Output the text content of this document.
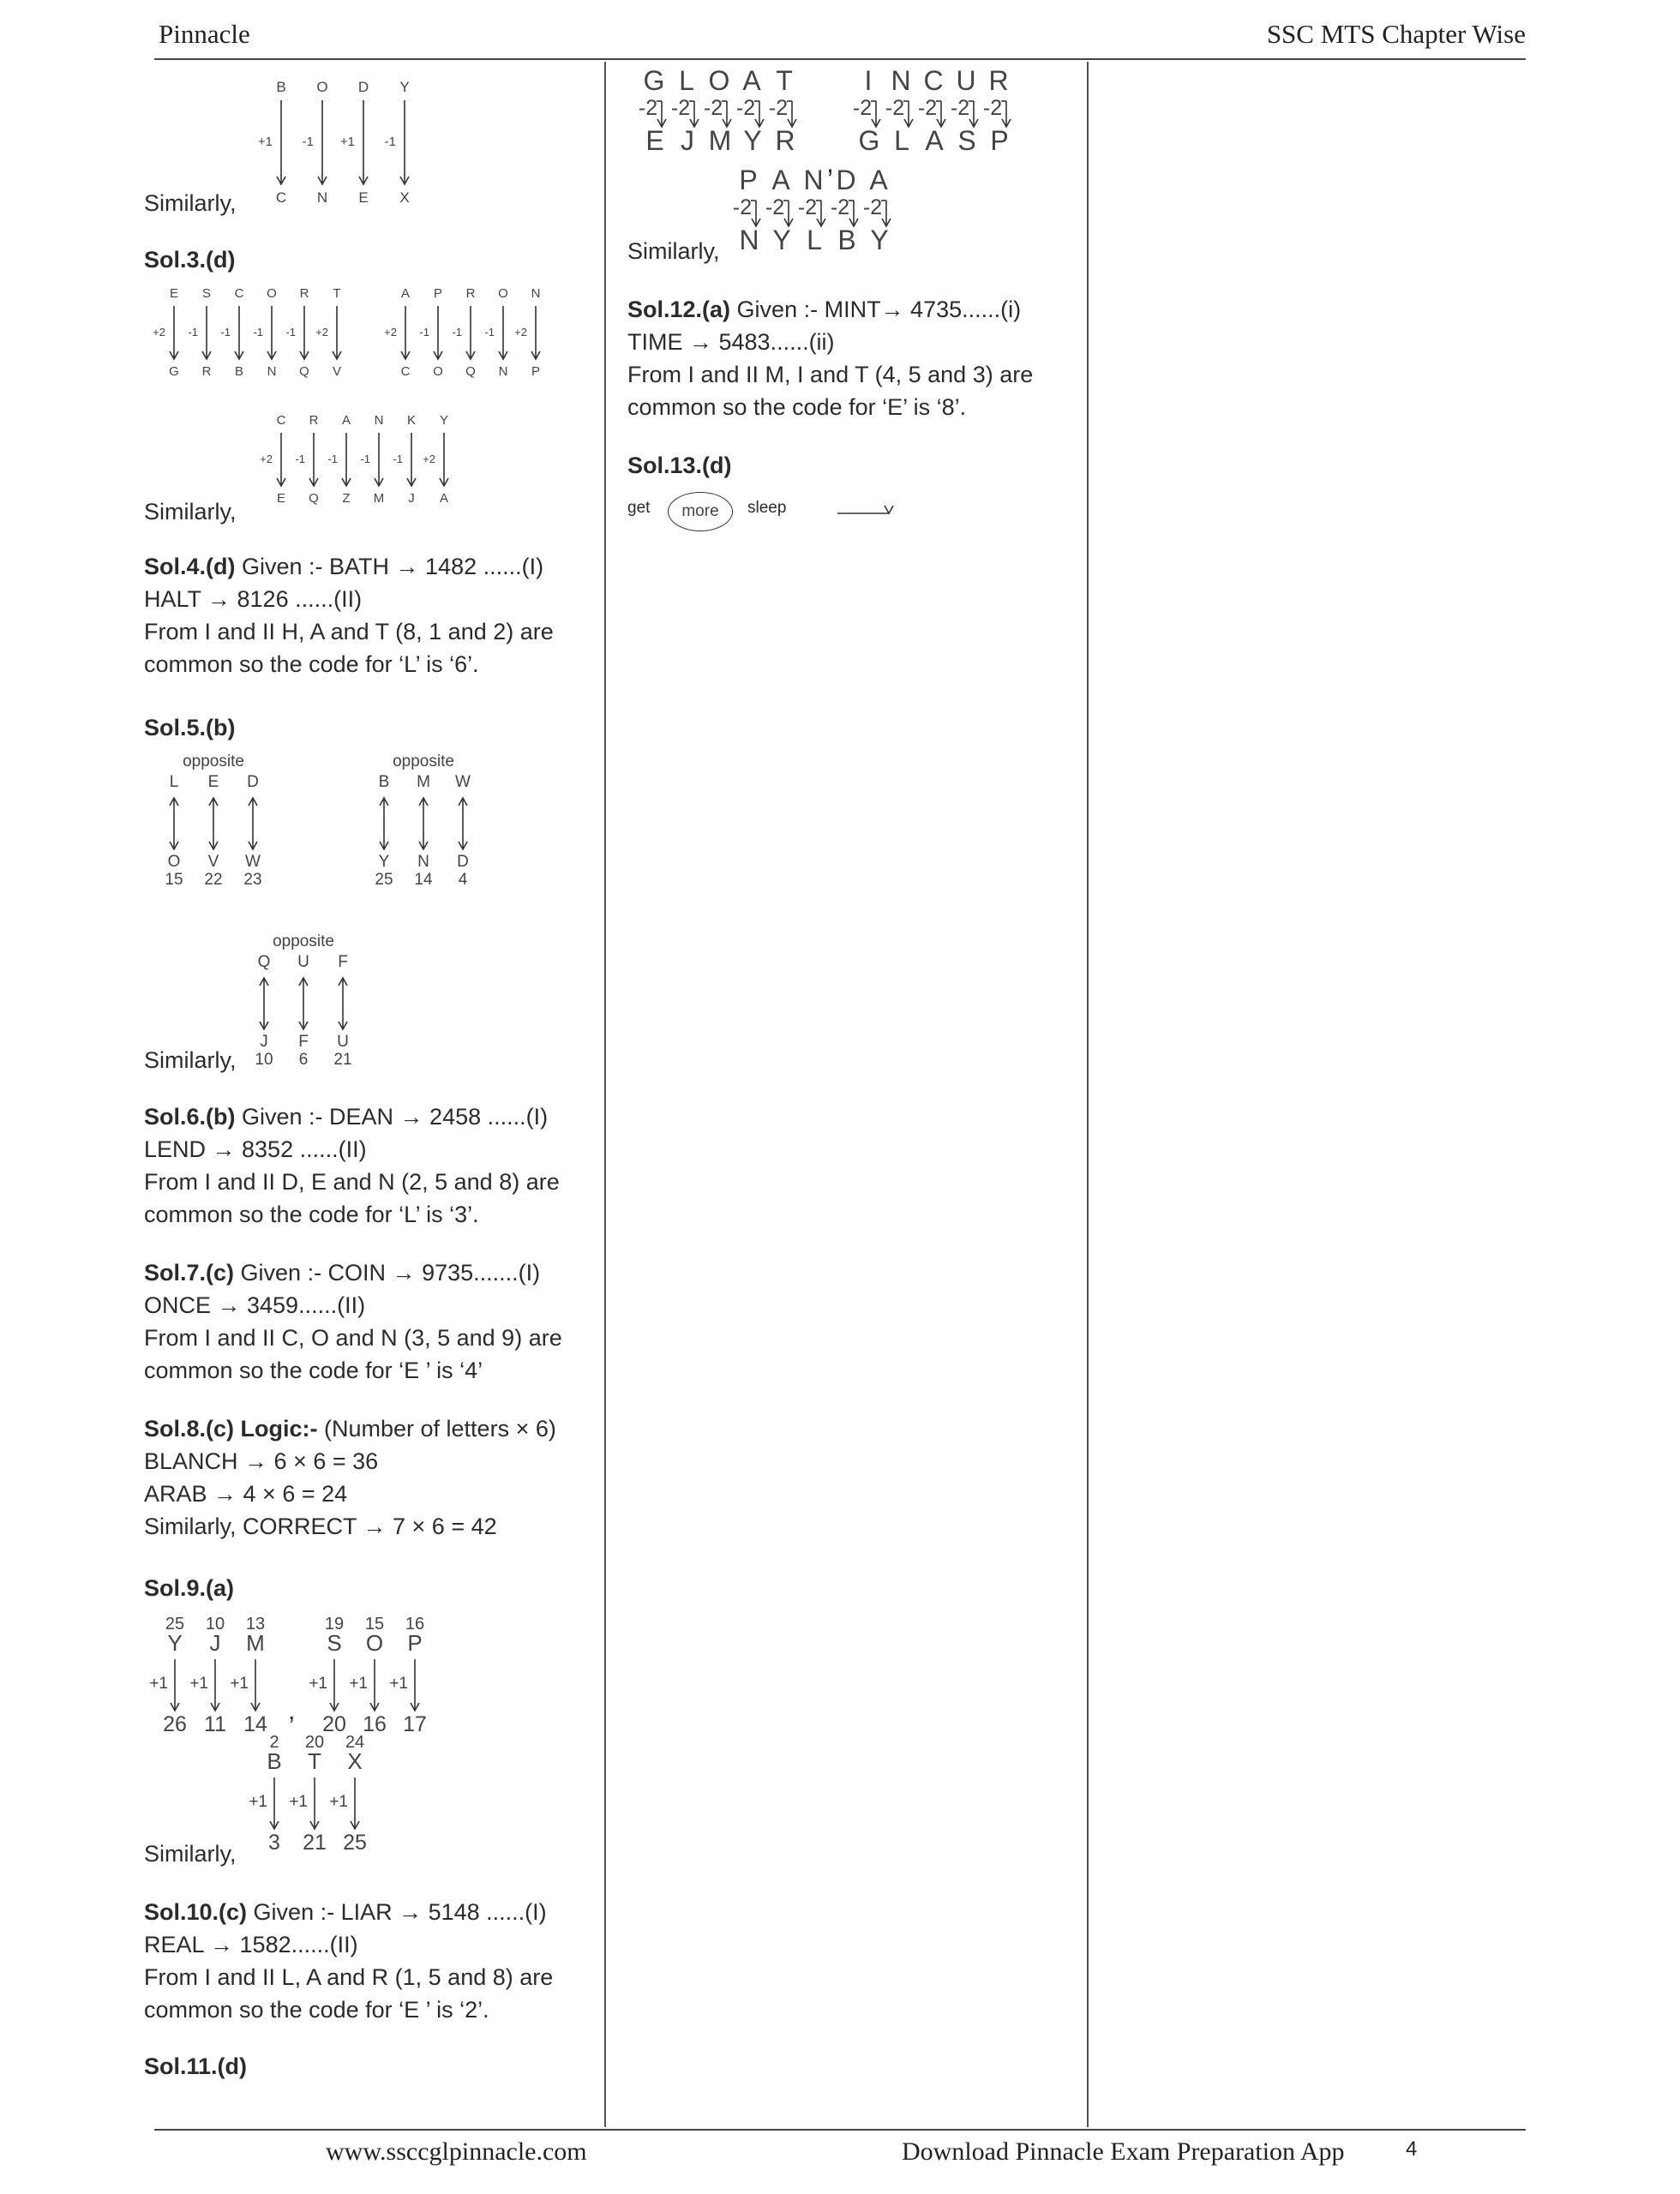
Pinnacle	SSC MTS Chapter Wise
B
+1
C
O
-1
N
D
+1
E
Y
-1
X
Similarly,
Sol.3.(d)
E
+2
G
S
-1
R
C
-1
B
O
-1
N
R
-1
Q
T
+2
V
A
+2
C
P
-1
O
R
-1
Q
O
-1
N
N
+2
P
C
+2
E
R
-1
Q
A
-1
Z
N
-1
M
K
-1
J
Y
+2
A
Similarly,
Sol.4.(d) Given :- BATH → 1482 ......(I)
HALT → 8126 ......(II)
From I and II H, A and T (8, 1 and 2) are
common so the code for ‘L’ is ‘6’.
Sol.5.(b)
opposite
L
O
15
E
V
22
D
W
23
opposite
B
Y
25
M
N
14
W
D
4
opposite
Q
J
10
U
F
6
F
U
21
Similarly,
Sol.6.(b) Given :- DEAN → 2458 ......(I)
LEND → 8352 ......(II)
From I and II D, E and N (2, 5 and 8) are
common so the code for ‘L’ is ‘3’.
Sol.7.(c) Given :- COIN → 9735.......(I)
ONCE → 3459......(II)
From I and II C, O and N (3, 5 and 9) are
common so the code for ‘E ’ is ‘4’
Sol.8.(c) Logic:- (Number of letters × 6)
BLANCH → 6 × 6 = 36
ARAB → 4 × 6 = 24
Similarly, CORRECT → 7 × 6 = 42
Sol.9.(a)
25
Y
+1
26
10
J
+1
11
13
M
+1
14
19
S
+1
20
15
O
+1
16
16
P
+1
17
,
2
B
+1
3
20
T
+1
21
24
X
+1
25
Similarly,
Sol.10.(c) Given :- LIAR → 5148 ......(I)
REAL → 1582......(II)
From I and II L, A and R (1, 5 and 8) are
common so the code for ‘E ’ is ‘2’.
Sol.11.(d)
G
-2
E
L
-2
J
O
-2
M
A
-2
Y
T
-2
R
I
-2
G
N
-2
L
C
-2
A
U
-2
S
R
-2
P
,
P
-2
N
A
-2
Y
N
-2
L
D
-2
B
A
-2
Y
Similarly,
Sol.12.(a) Given :- MINT→ 4735......(i)
TIME → 5483......(ii)
From I and II M, I and T (4, 5 and 3) are
common so the code for ‘E’ is ‘8’.
Sol.13.(d)
get	more	sleep
www.ssccglpinnacle.com	Download Pinnacle Exam Preparation App	4
